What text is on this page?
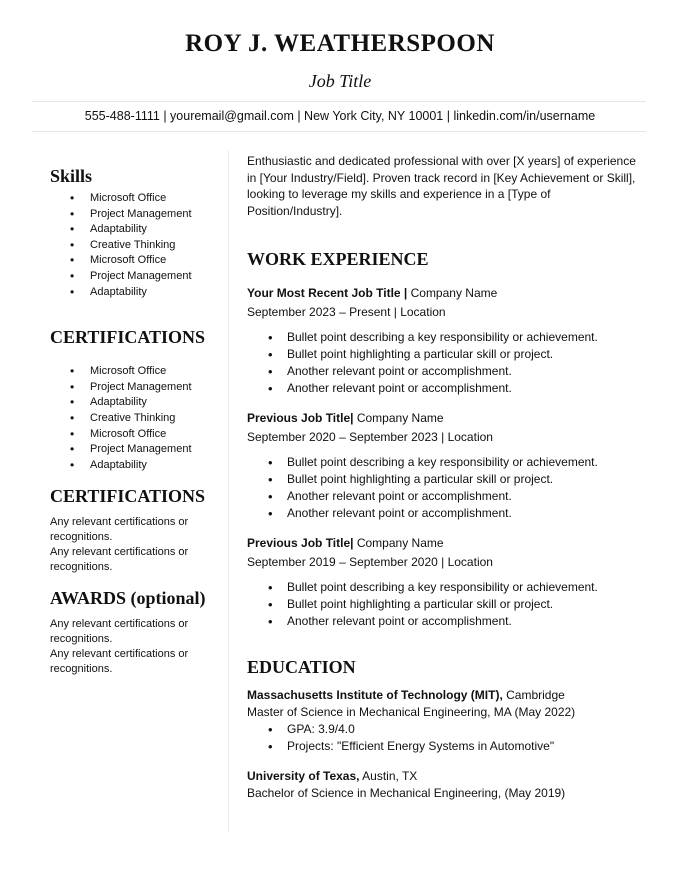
ROY J. WEATHERSPOON
Job Title
555-488-1111 | youremail@gmail.com | New York City, NY 10001 | linkedin.com/in/username
Skills
• Microsoft Office
• Project Management
• Adaptability
• Creative Thinking
• Microsoft Office
• Project Management
• Adaptability
CERTIFICATIONS
• Microsoft Office
• Project Management
• Adaptability
• Creative Thinking
• Microsoft Office
• Project Management
• Adaptability
CERTIFICATIONS

Any relevant certifications or recognitions.

Any relevant certifications or recognitions.

AWARDS (optional)

Any relevant certifications or recognitions.

Any relevant certifications or recognitions.

Enthusiastic and dedicated professional with over [X years] of experience in [Your Industry/Field]. Proven track record in [Key Achievement or Skill], looking to leverage my skills and experience in a [Type of Position/Industry].

WORK EXPERIENCE

Your Most Recent Job Title | Company Name

September 2023 – Present | Location

• Bullet point describing a key responsibility or achievement.
• Bullet point highlighting a particular skill or project.
• Another relevant point or accomplishment.
• Another relevant point or accomplishment.

Previous Job Title| Company Name

September 2020 – September 2023 | Location

• Bullet point describing a key responsibility or achievement.
• Bullet point highlighting a particular skill or project.
• Another relevant point or accomplishment.
• Another relevant point or accomplishment.

Previous Job Title| Company Name

September 2019 – September 2020 | Location

• Bullet point describing a key responsibility or achievement.
• Bullet point highlighting a particular skill or project.
• Another relevant point or accomplishment.
EDUCATION

Massachusetts Institute of Technology (MIT), Cambridge

Master of Science in Mechanical Engineering, MA (May 2022)

• GPA: 3.9/4.0
• Projects: "Efficient Energy Systems in Automotive"

University of Texas, Austin, TX

Bachelor of Science in Mechanical Engineering, (May 2019)
